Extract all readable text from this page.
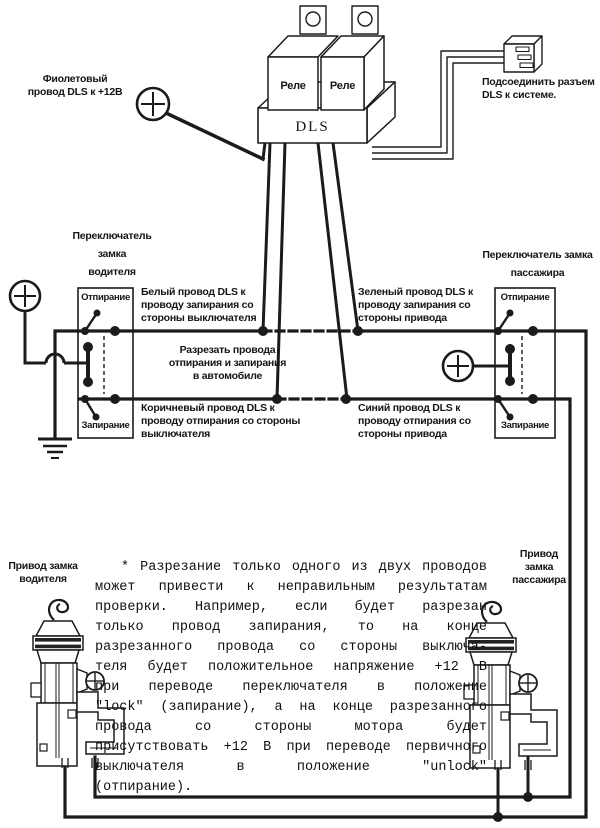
Фиолетовый
провод DLS к +12В
Подсоединить разъем
DLS к системе.
Реле	Реле
DLS
Переключатель
замка
водителя
Переключатель замка
пассажира
Отпирание
Запирание
Отпирание
Запирание
Белый провод DLS к
проводу запирания со
стороны выключателя
Разрезать провода
отпирания и запирания
в автомобиле
Коричневый провод DLS к
проводу отпирания со стороны
выключателя
Зеленый провод DLS к
проводу запирания со
стороны привода
Синий провод DLS к
проводу отпирания со
стороны привода
Привод замка
водителя
Привод
замка
пассажира
* Разрезание только одного из двух проводов
может привести к неправильным результатам
проверки. Например, если будет разрезан
только провод запирания, то на конце
разрезанного провода со стороны выключа-
теля будет положительное напряжение +12 В
при переводе переключателя в положение
"lock" (запирание), а на конце разрезанного
провода со стороны мотора будет
присутствовать +12 В при переводе первичного
выключателя в положение "unlock"
(отпирание).
